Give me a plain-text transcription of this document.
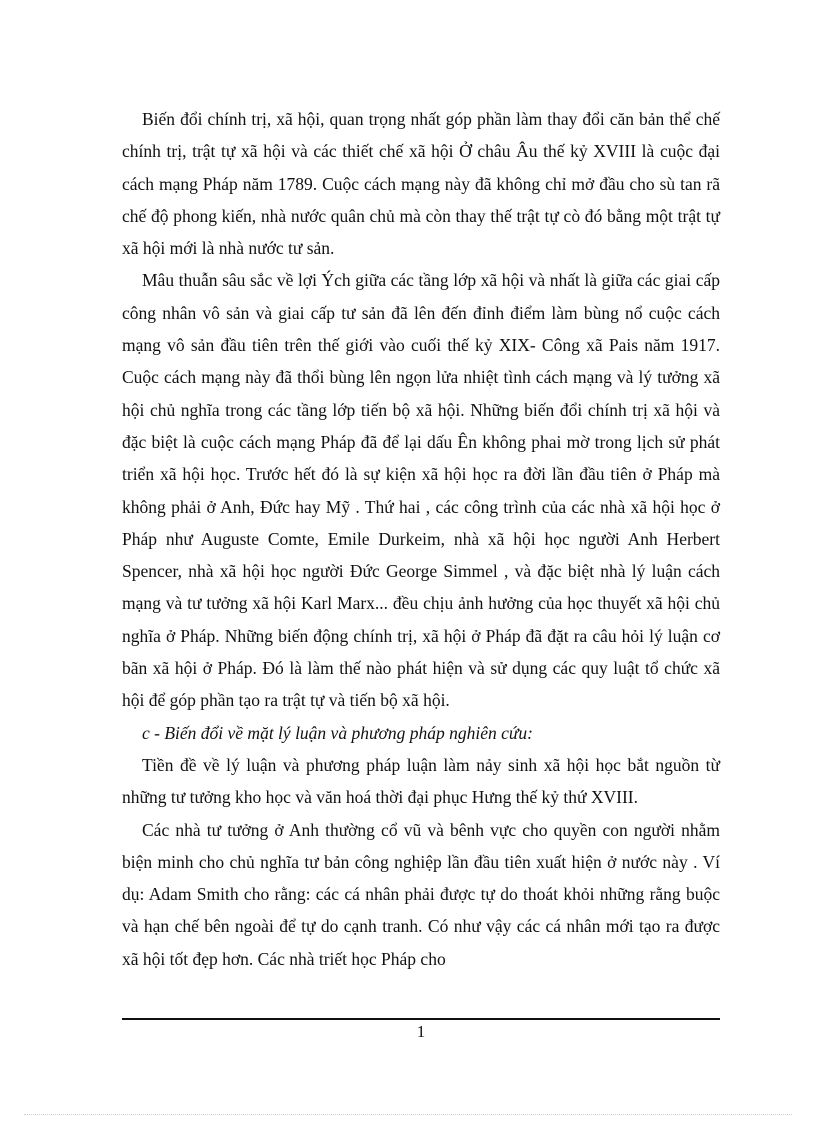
Biến đổi chính trị, xã hội, quan trọng nhất góp phần làm thay đổi căn bản thể chế chính trị, trật tự xã hội và các thiết chế xã hội Ở châu Âu thế kỷ XVIII là cuộc đại cách mạng Pháp năm 1789. Cuộc cách mạng này đã không chỉ mở đầu cho sù tan rã chế độ phong kiến, nhà nước quân chủ mà còn thay thế trật tự cò đó bằng một trật tự xã hội mới là nhà nước tư sản.

Mâu thuẫn sâu sắc về lợi Ých giữa các tầng lớp xã hội và nhất là giữa các giai cấp công nhân vô sản và giai cấp tư sản đã lên đến đỉnh điểm làm bùng nổ cuộc cách mạng vô sản đầu tiên trên thế giới vào cuối thế kỷ XIX- Công xã Pais năm 1917. Cuộc cách mạng này đã thổi bùng lên ngọn lửa nhiệt tình cách mạng và lý tưởng xã hội chủ nghĩa trong các tầng lớp tiến bộ xã hội. Những biến đổi chính trị xã hội và đặc biệt là cuộc cách mạng Pháp đã để lại dấu Ên không phai mờ trong lịch sử phát triển xã hội học. Trước hết đó là sự kiện xã hội học ra đời lần đầu tiên ở Pháp mà không phải ở Anh, Đức hay Mỹ . Thứ hai , các công trình của các nhà xã hội học ở Pháp như Auguste Comte, Emile Durkeim, nhà xã hội học người Anh Herbert Spencer, nhà xã hội học người Đức George Simmel , và đặc biệt nhà lý luận cách mạng và tư tưởng xã hội Karl Marx... đều chịu ảnh hưởng của học thuyết xã hội chủ nghĩa ở Pháp. Những biến động chính trị, xã hội ở Pháp đã đặt ra câu hỏi lý luận cơ bãn xã hội ở Pháp. Đó là làm thế nào phát hiện và sử dụng các quy luật tổ chức xã hội để góp phần tạo ra trật tự và tiến bộ xã hội.

c - Biến đổi về mặt lý luận và phương pháp nghiên cứu:

Tiền đề về lý luận và phương pháp luận làm nảy sinh xã hội học bắt nguồn từ những tư tưởng kho học và văn hoá thời đại phục Hưng thế kỷ thứ XVIII.

Các nhà tư tưởng ở Anh thường cổ vũ và bênh vực cho quyền con người nhằm biện minh cho chủ nghĩa tư bản công nghiệp lần đầu tiên xuất hiện ở nước này . Ví dụ: Adam Smith cho rằng: các cá nhân phải được tự do thoát khỏi những rằng buộc và hạn chế bên ngoài để tự do cạnh tranh. Có như vậy các cá nhân mới tạo ra được xã hội tốt đẹp hơn. Các nhà triết học Pháp cho

1
